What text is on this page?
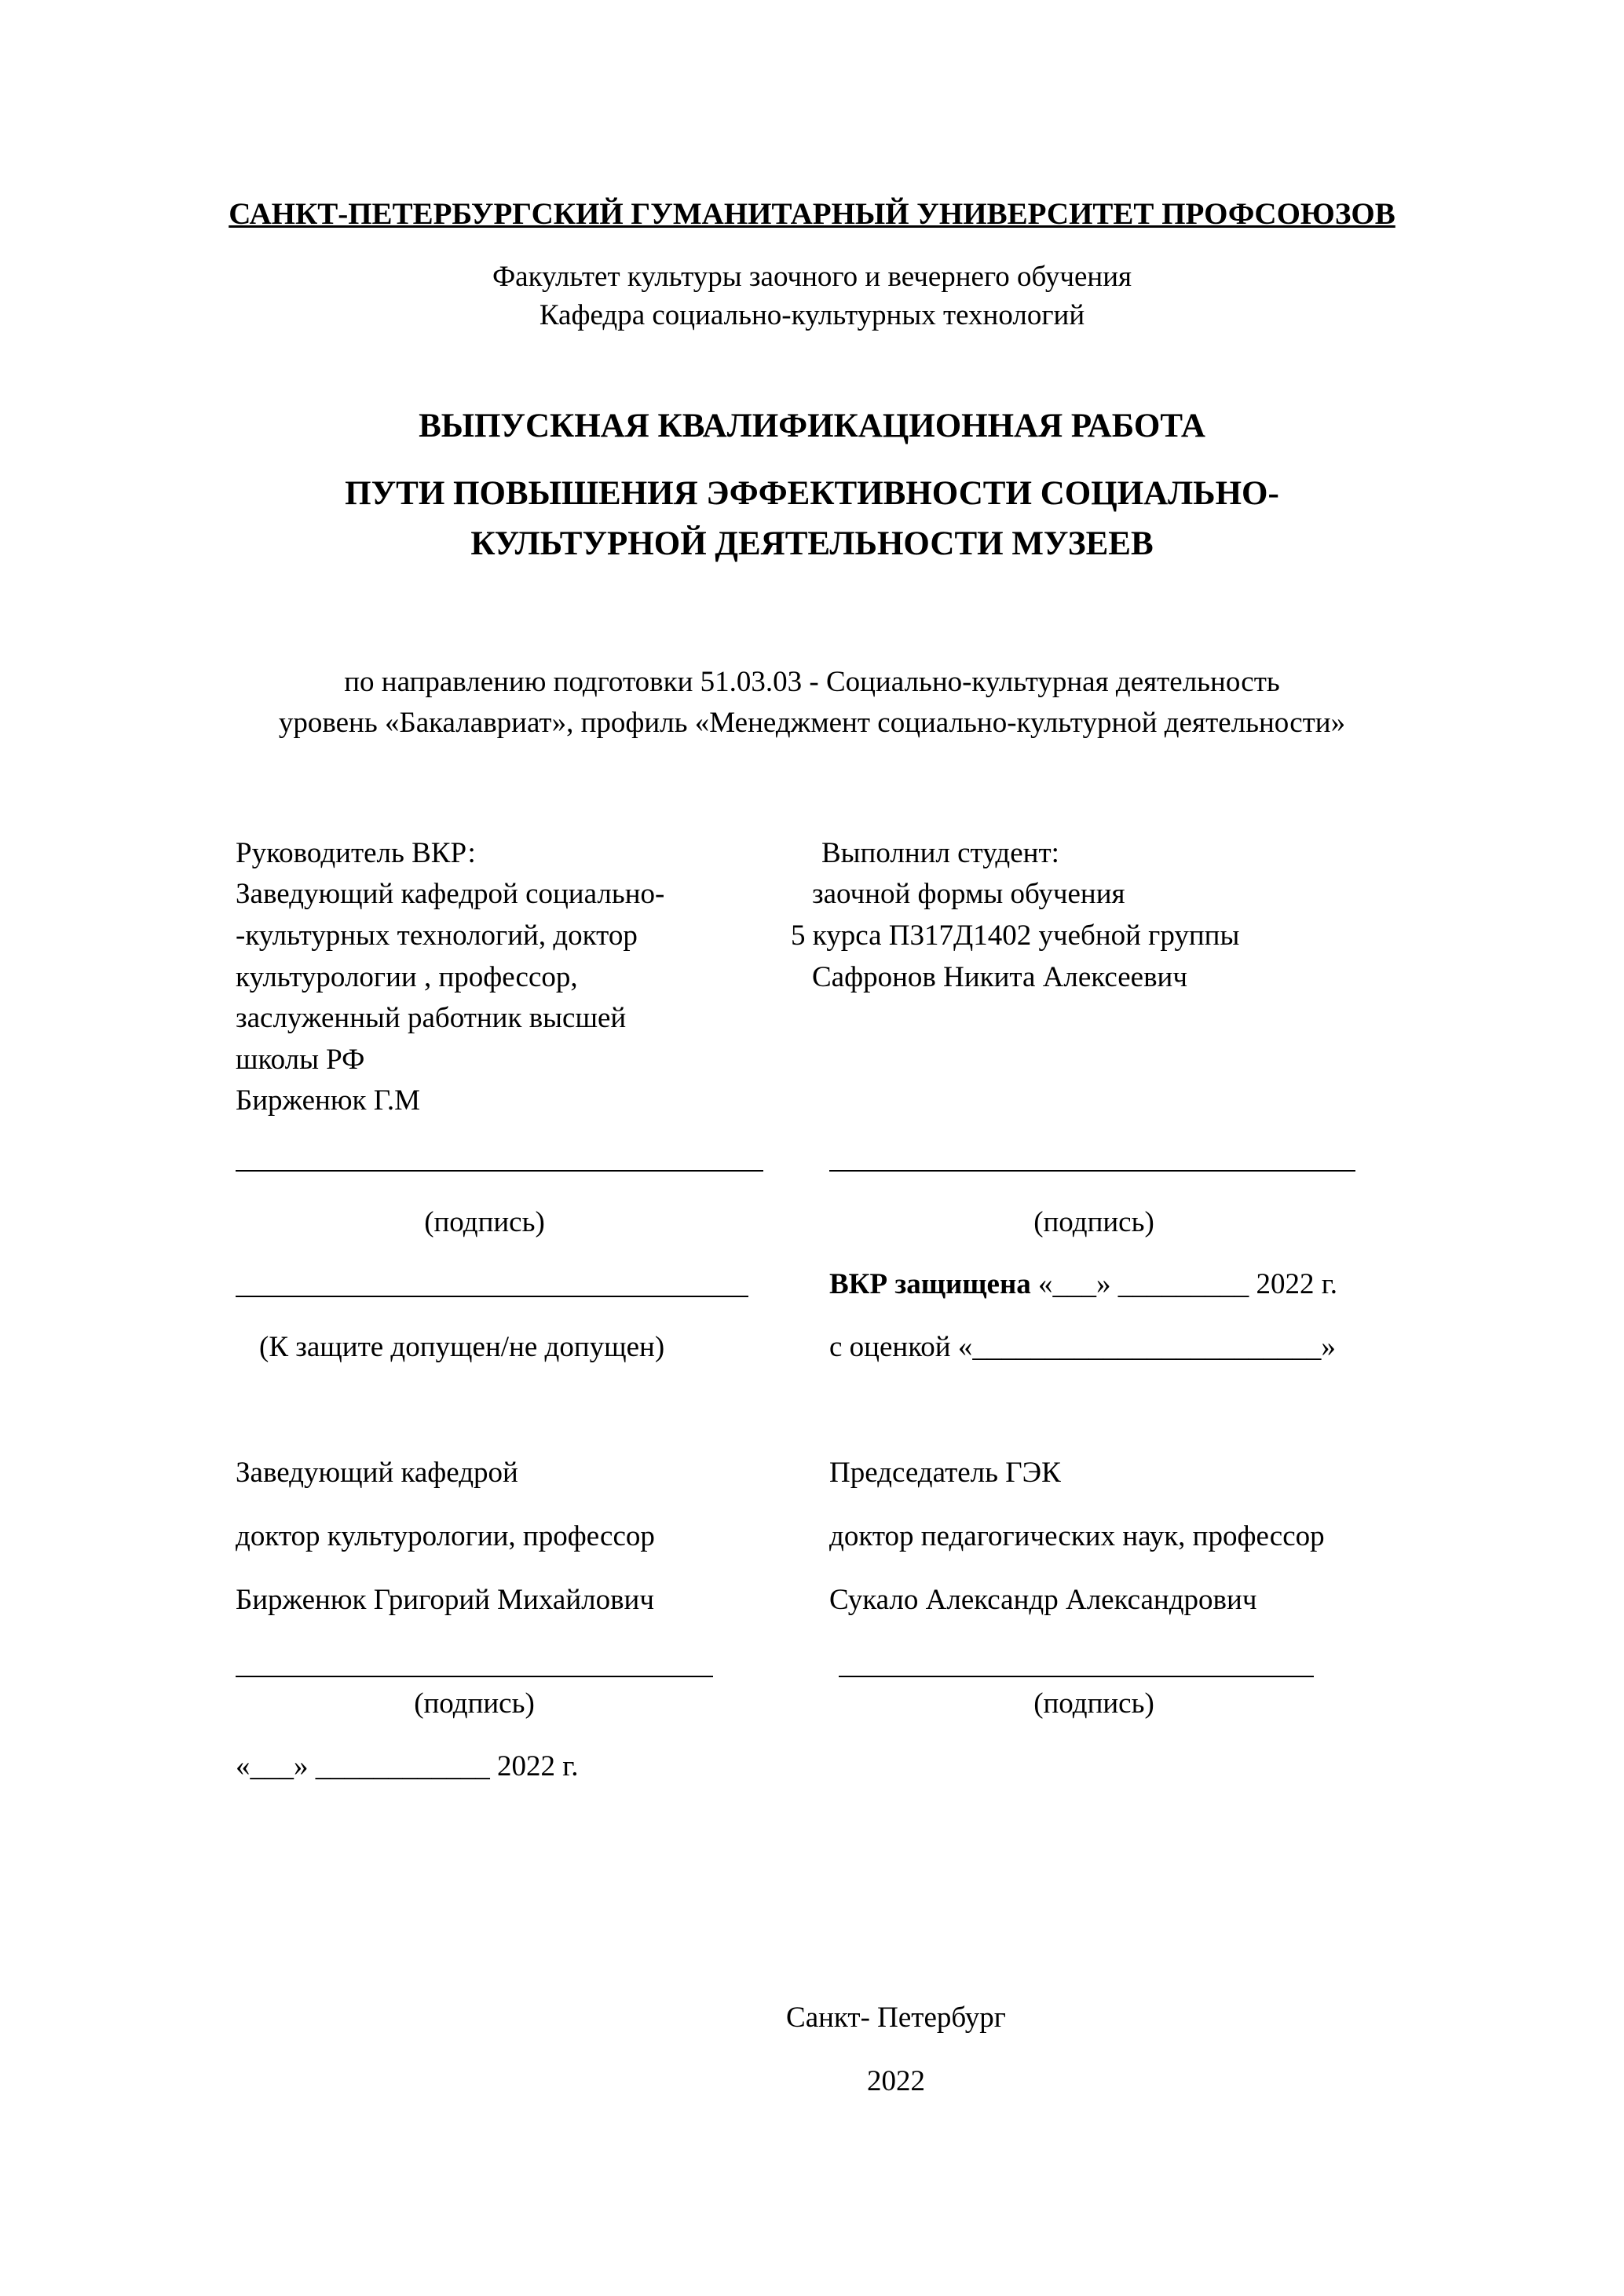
САНКТ-ПЕТЕРБУРГСКИЙ ГУМАНИТАРНЫЙ УНИВЕРСИТЕТ ПРОФСОЮЗОВ
Факультет культуры заочного и вечернего обучения
Кафедра социально-культурных технологий
ВЫПУСКНАЯ КВАЛИФИКАЦИОННАЯ РАБОТА
ПУТИ ПОВЫШЕНИЯ ЭФФЕКТИВНОСТИ СОЦИАЛЬНО-
КУЛЬТУРНОЙ ДЕЯТЕЛЬНОСТИ МУЗЕЕВ
по направлению подготовки 51.03.03 - Социально-культурная деятельность
уровень «Бакалавриат», профиль «Менеджмент социально-культурной деятельности»
Руководитель ВКР:
Заведующий кафедрой социально-
-культурных технологий, доктор
культурологии , профессор,
заслуженный работник высшей
школы РФ
Бирженюк Г.М
Выполнил студент:
заочной формы обучения
5 курса П317Д1402 учебной группы
Сафронов Никита Алексеевич
(подпись)	(подпись)
ВКР защищена «___» _________ 2022 г.
(К защите допущен/не допущен)	с оценкой «________________________»
Заведующий кафедрой
доктор культурологии, профессор
Бирженюк Григорий Михайлович
Председатель ГЭК
доктор педагогических наук, профессор
Сукало Александр Александрович
(подпись)	(подпись)
«___» ____________ 2022 г.
Санкт- Петербург
2022
